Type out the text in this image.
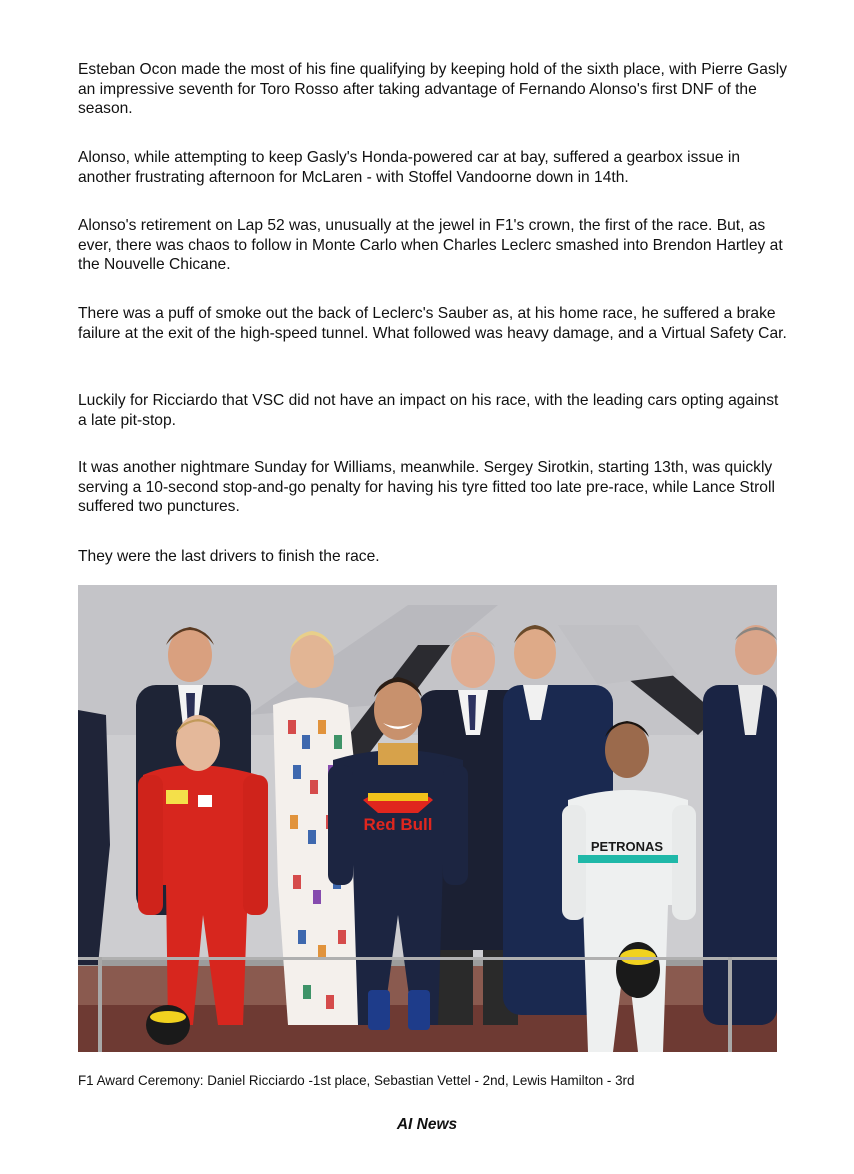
Esteban Ocon made the most of his fine qualifying by keeping hold of the sixth place, with Pierre Gasly an impressive seventh for Toro Rosso after taking advantage of Fernando Alonso's first DNF of the season.

Alonso, while attempting to keep Gasly's Honda-powered car at bay, suffered a gearbox issue in another frustrating afternoon for McLaren - with Stoffel Vandoorne down in 14th.

Alonso's retirement on Lap 52 was, unusually at the jewel in F1's crown, the first of the race. But, as ever, there was chaos to follow in Monte Carlo when Charles Leclerc smashed into Brendon Hartley at the Nouvelle Chicane.

There was a puff of smoke out the back of Leclerc's Sauber as, at his home race, he suffered a brake failure at the exit of the high-speed tunnel. What followed was heavy damage, and a Virtual Safety Car.

Luckily for Ricciardo that VSC did not have an impact on his race, with the leading cars opting against a late pit-stop.

It was another nightmare Sunday for Williams, meanwhile. Sergey Sirotkin, starting 13th, was quickly serving a 10-second stop-and-go penalty for having his tyre fitted too late pre-race, while Lance Stroll suffered two punctures.

They were the last drivers to finish the race.

Red Bull
PETRONAS

F1 Award Ceremony: Daniel Ricciardo -1st place, Sebastian Vettel - 2nd, Lewis Hamilton - 3rd

AI News
